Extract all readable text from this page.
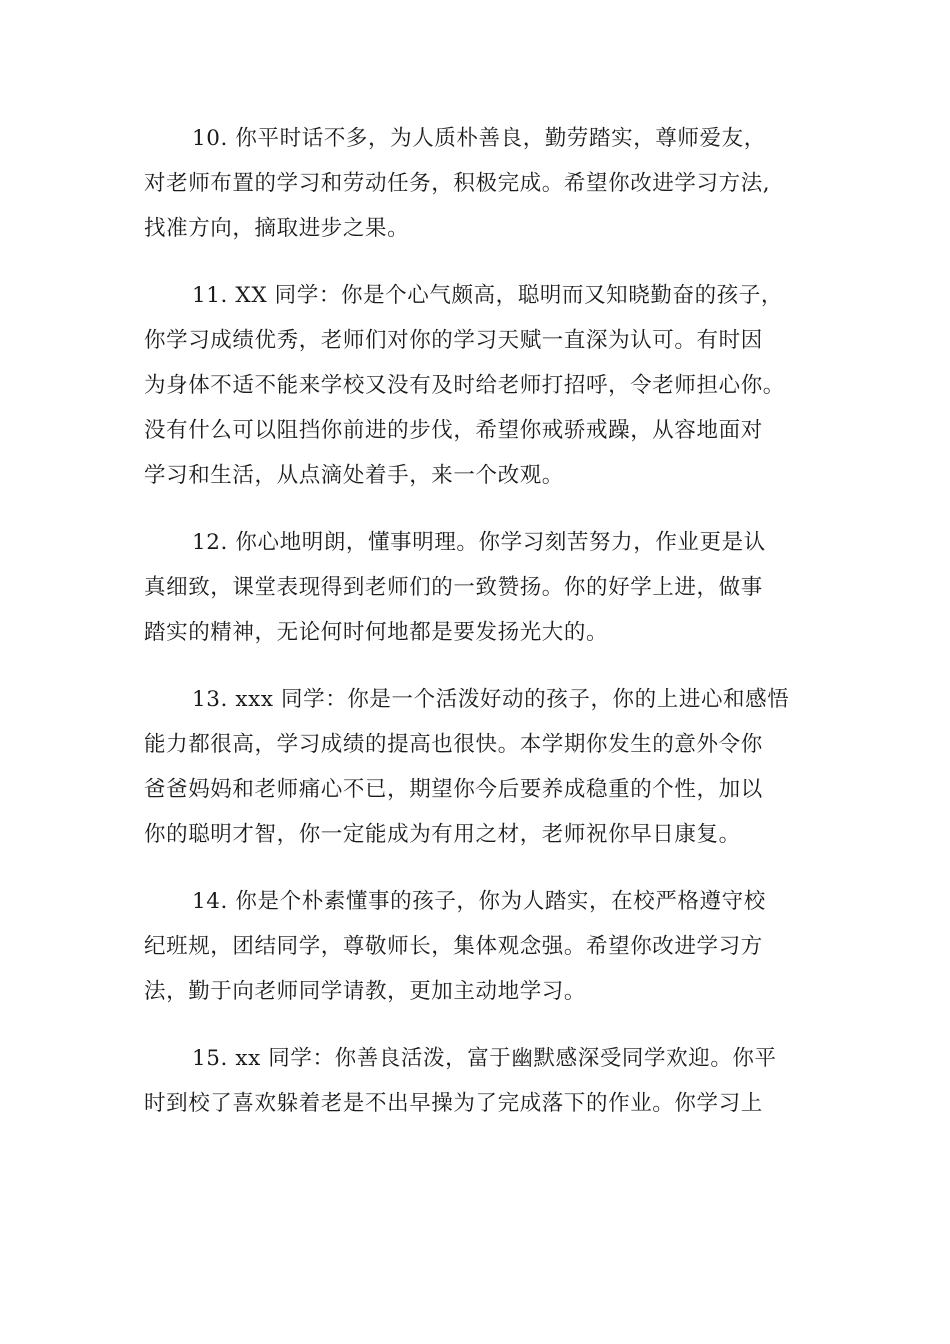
10. 你平时话不多，为人质朴善良，勤劳踏实，尊师爱友，
对老师布置的学习和劳动任务，积极完成。希望你改进学习方法,
找准方向，摘取进步之果。

11. XX 同学：你是个心气颇高，聪明而又知晓勤奋的孩子，
你学习成绩优秀，老师们对你的学习天赋一直深为认可。有时因
为身体不适不能来学校又没有及时给老师打招呼，令老师担心你。
没有什么可以阻挡你前进的步伐，希望你戒骄戒躁，从容地面对
学习和生活，从点滴处着手，来一个改观。

12. 你心地明朗，懂事明理。你学习刻苦努力，作业更是认
真细致，课堂表现得到老师们的一致赞扬。你的好学上进，做事
踏实的精神，无论何时何地都是要发扬光大的。

13. xxx 同学：你是一个活泼好动的孩子，你的上进心和感悟
能力都很高，学习成绩的提高也很快。本学期你发生的意外令你
爸爸妈妈和老师痛心不已，期望你今后要养成稳重的个性，加以
你的聪明才智，你一定能成为有用之材，老师祝你早日康复。

14. 你是个朴素懂事的孩子，你为人踏实，在校严格遵守校
纪班规，团结同学，尊敬师长，集体观念强。希望你改进学习方
法，勤于向老师同学请教，更加主动地学习。

15. xx 同学：你善良活泼，富于幽默感深受同学欢迎。你平
时到校了喜欢躲着老是不出早操为了完成落下的作业。你学习上
